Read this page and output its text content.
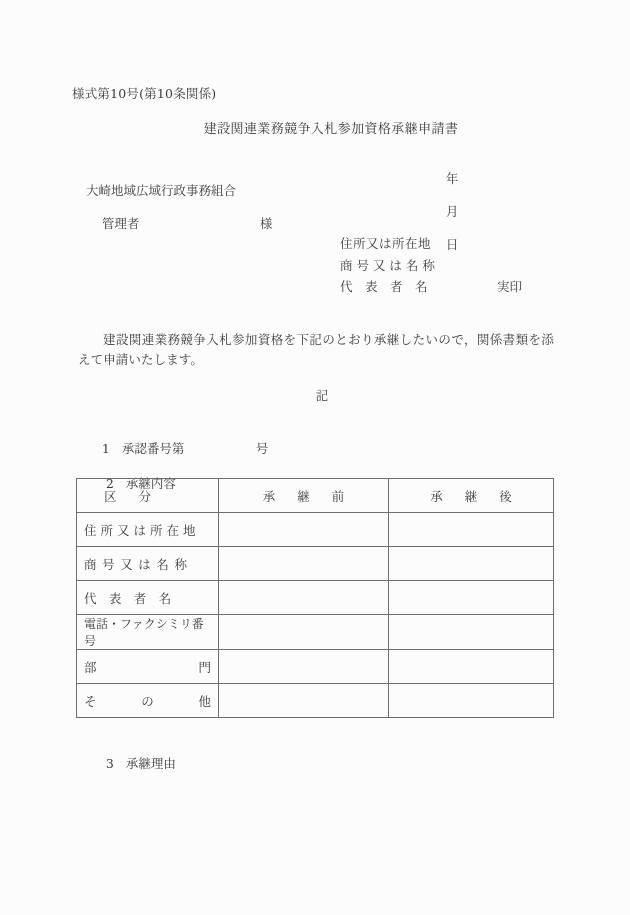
様式第10号(第10条関係)
建設関連業務競争入札参加資格承継申請書

年

月

日

大崎地域広域行政事務組合

管理者	様

住所又は所在地
商 号 又 は 名 称
代　表　者　名	実印
建設関連業務競争入札参加資格を下記のとおり承継したいので，関係書類を添えて申請いたします。
記

1 承認番号第	号

2 承継内容

区分	承継前	承継後
住所又は所在地		
商号又は名称		
代表者名		
電話・ファクシミリ番号		

部 門		

そ の 他		

3 承継理由
